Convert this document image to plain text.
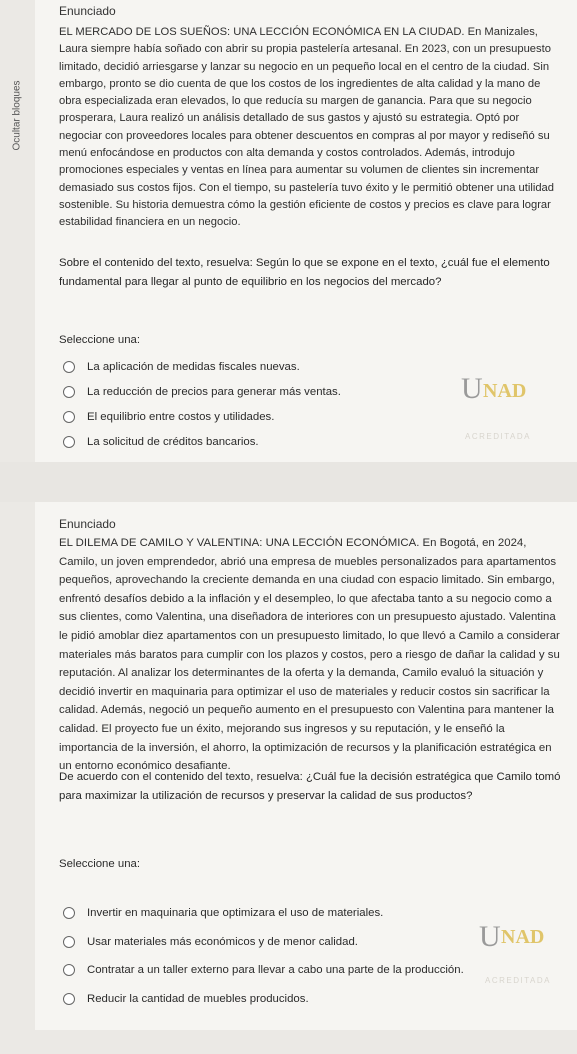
Ocultar bloques
Enunciado

EL MERCADO DE LOS SUEÑOS: UNA LECCIÓN ECONÓMICA EN LA CIUDAD. En Manizales, Laura siempre había soñado con abrir su propia pastelería artesanal. En 2023, con un presupuesto limitado, decidió arriesgarse y lanzar su negocio en un pequeño local en el centro de la ciudad. Sin embargo, pronto se dio cuenta de que los costos de los ingredientes de alta calidad y la mano de obra especializada eran elevados, lo que reducía su margen de ganancia. Para que su negocio prosperara, Laura realizó un análisis detallado de sus gastos y ajustó su estrategia. Optó por negociar con proveedores locales para obtener descuentos en compras al por mayor y rediseñó su menú enfocándose en productos con alta demanda y costos controlados. Además, introdujo promociones especiales y ventas en línea para aumentar su volumen de clientes sin incrementar demasiado sus costos fijos. Con el tiempo, su pastelería tuvo éxito y le permitió obtener una utilidad sostenible. Su historia demuestra cómo la gestión eficiente de costos y precios es clave para lograr estabilidad financiera en un negocio.

Sobre el contenido del texto, resuelva: Según lo que se expone en el texto, ¿cuál fue el elemento fundamental para llegar al punto de equilibrio en los negocios del mercado?

Seleccione una:
La aplicación de medidas fiscales nuevas.
La reducción de precios para generar más ventas.
El equilibrio entre costos y utilidades.
La solicitud de créditos bancarios.
U NAD
ACREDITADA
Enunciado

EL DILEMA DE CAMILO Y VALENTINA: UNA LECCIÓN ECONÓMICA. En Bogotá, en 2024, Camilo, un joven emprendedor, abrió una empresa de muebles personalizados para apartamentos pequeños, aprovechando la creciente demanda en una ciudad con espacio limitado. Sin embargo, enfrentó desafíos debido a la inflación y el desempleo, lo que afectaba tanto a su negocio como a sus clientes, como Valentina, una diseñadora de interiores con un presupuesto ajustado. Valentina le pidió amoblar diez apartamentos con un presupuesto limitado, lo que llevó a Camilo a considerar materiales más baratos para cumplir con los plazos y costos, pero a riesgo de dañar la calidad y su reputación. Al analizar los determinantes de la oferta y la demanda, Camilo evaluó la situación y decidió invertir en maquinaria para optimizar el uso de materiales y reducir costos sin sacrificar la calidad. Además, negoció un pequeño aumento en el presupuesto con Valentina para mantener la calidad. El proyecto fue un éxito, mejorando sus ingresos y su reputación, y le enseñó la importancia de la inversión, el ahorro, la optimización de recursos y la planificación estratégica en un entorno económico desafiante.

De acuerdo con el contenido del texto, resuelva: ¿Cuál fue la decisión estratégica que Camilo tomó para maximizar la utilización de recursos y preservar la calidad de sus productos?

Seleccione una:
Invertir en maquinaria que optimizara el uso de materiales.
Usar materiales más económicos y de menor calidad.
Contratar a un taller externo para llevar a cabo una parte de la producción.
Reducir la cantidad de muebles producidos.
U NAD
ACREDITADA
